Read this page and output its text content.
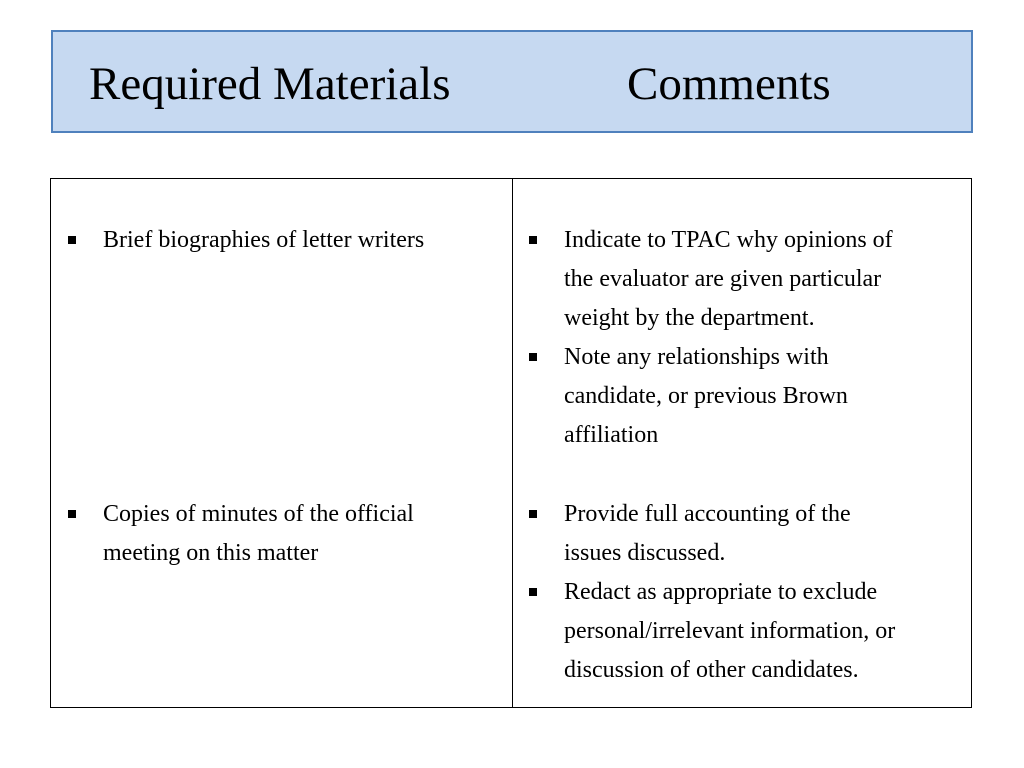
Required Materials	Comments
Brief biographies of letter writers	Indicate to TPAC why opinions of
the evaluator are given particular
weight by the department.
Note any relationships with
candidate, or previous Brown
affiliation
Copies of minutes of the official
meeting on this matter
Provide full accounting of the
issues discussed.
Redact as appropriate to exclude
personal/irrelevant information, or
discussion of other candidates.
